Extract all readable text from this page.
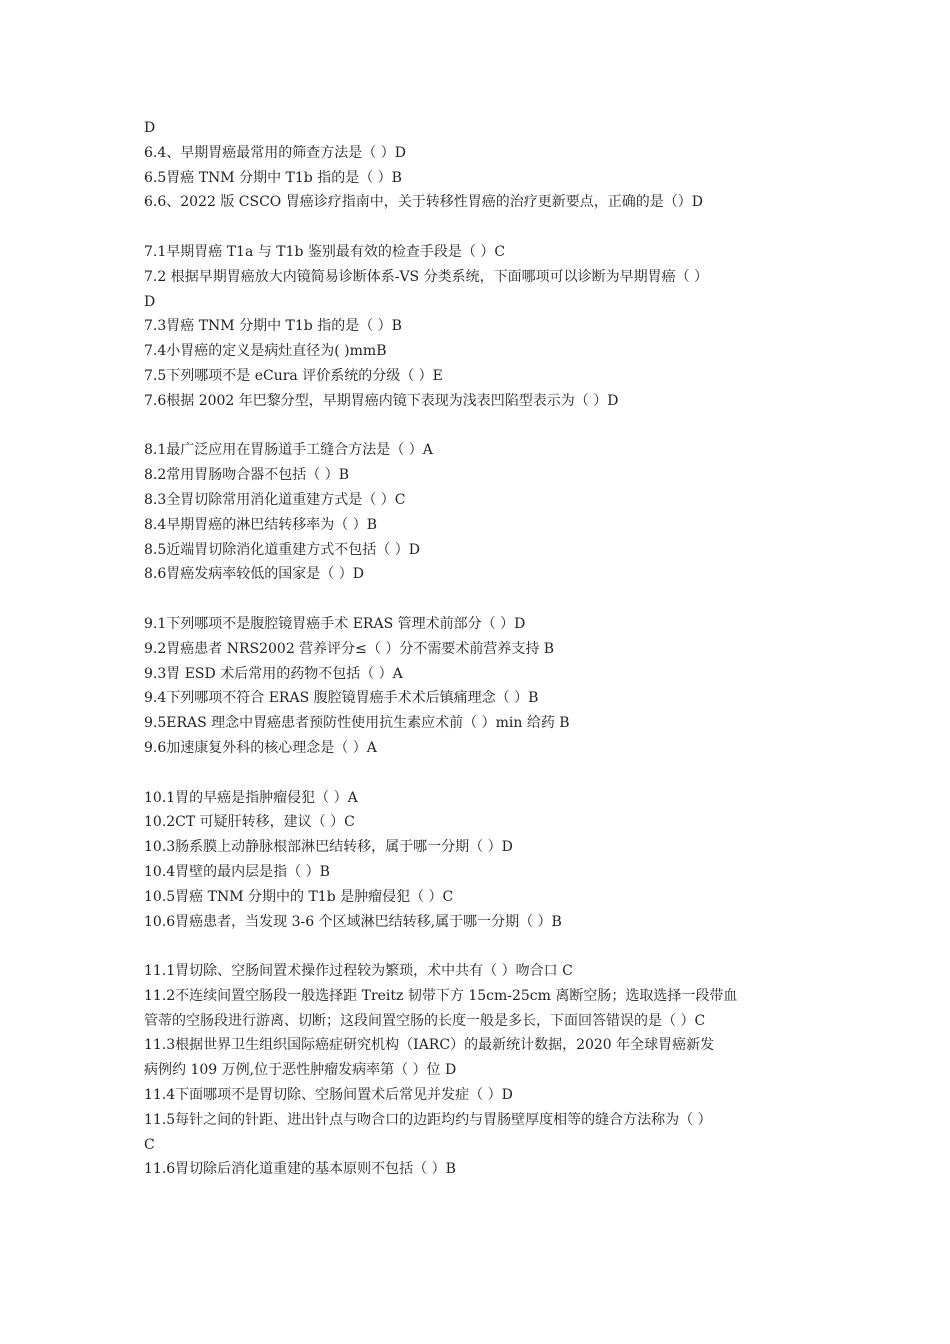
D
6.4、早期胃癌最常用的筛查方法是（ ）D
6.5胃癌 TNM 分期中 T1b 指的是（ ）B
6.6、2022 版 CSCO 胃癌诊疗指南中，关于转移性胃癌的治疗更新要点，正确的是（）D
7.1早期胃癌 T1a 与 T1b 鉴别最有效的检查手段是（ ）C
7.2 根据早期胃癌放大内镜简易诊断体系-VS 分类系统，下面哪项可以诊断为早期胃癌（ ）
D
7.3胃癌 TNM 分期中 T1b 指的是（ ）B
7.4小胃癌的定义是病灶直径为( )mmB
7.5下列哪项不是 eCura 评价系统的分级（ ）E
7.6根据 2002 年巴黎分型，早期胃癌内镜下表现为浅表凹陷型表示为（ ）D
8.1最广泛应用在胃肠道手工缝合方法是（ ）A
8.2常用胃肠吻合器不包括（ ）B
8.3全胃切除常用消化道重建方式是（ ）C
8.4早期胃癌的淋巴结转移率为（ ）B
8.5近端胃切除消化道重建方式不包括（ ）D
8.6胃癌发病率较低的国家是（ ）D
9.1下列哪项不是腹腔镜胃癌手术 ERAS 管理术前部分（ ）D
9.2胃癌患者 NRS2002 营养评分≤（ ）分不需要术前营养支持 B
9.3胃 ESD 术后常用的药物不包括（ ）A
9.4下列哪项不符合 ERAS 腹腔镜胃癌手术术后镇痛理念（ ）B
9.5ERAS 理念中胃癌患者预防性使用抗生素应术前（ ）min 给药 B
9.6加速康复外科的核心理念是（ ）A
10.1胃的早癌是指肿瘤侵犯（ ）A
10.2CT 可疑肝转移，建议（ ）C
10.3肠系膜上动静脉根部淋巴结转移，属于哪一分期（ ）D
10.4胃壁的最内层是指（ ）B
10.5胃癌 TNM 分期中的 T1b 是肿瘤侵犯（ ）C
10.6胃癌患者，当发现 3-6 个区域淋巴结转移,属于哪一分期（ ）B
11.1胃切除、空肠间置术操作过程较为繁琐，术中共有（ ）吻合口 C
11.2不连续间置空肠段一般选择距 Treitz 韧带下方 15cm-25cm 离断空肠；选取选择一段带血
管蒂的空肠段进行游离、切断；这段间置空肠的长度一般是多长，下面回答错误的是（ ）C
11.3根据世界卫生组织国际癌症研究机构（IARC）的最新统计数据，2020 年全球胃癌新发
病例约 109 万例,位于恶性肿瘤发病率第（ ）位 D
11.4下面哪项不是胃切除、空肠间置术后常见并发症（ ）D
11.5每针之间的针距、进出针点与吻合口的边距均约与胃肠壁厚度相等的缝合方法称为（ ）
C
11.6胃切除后消化道重建的基本原则不包括（ ）B
